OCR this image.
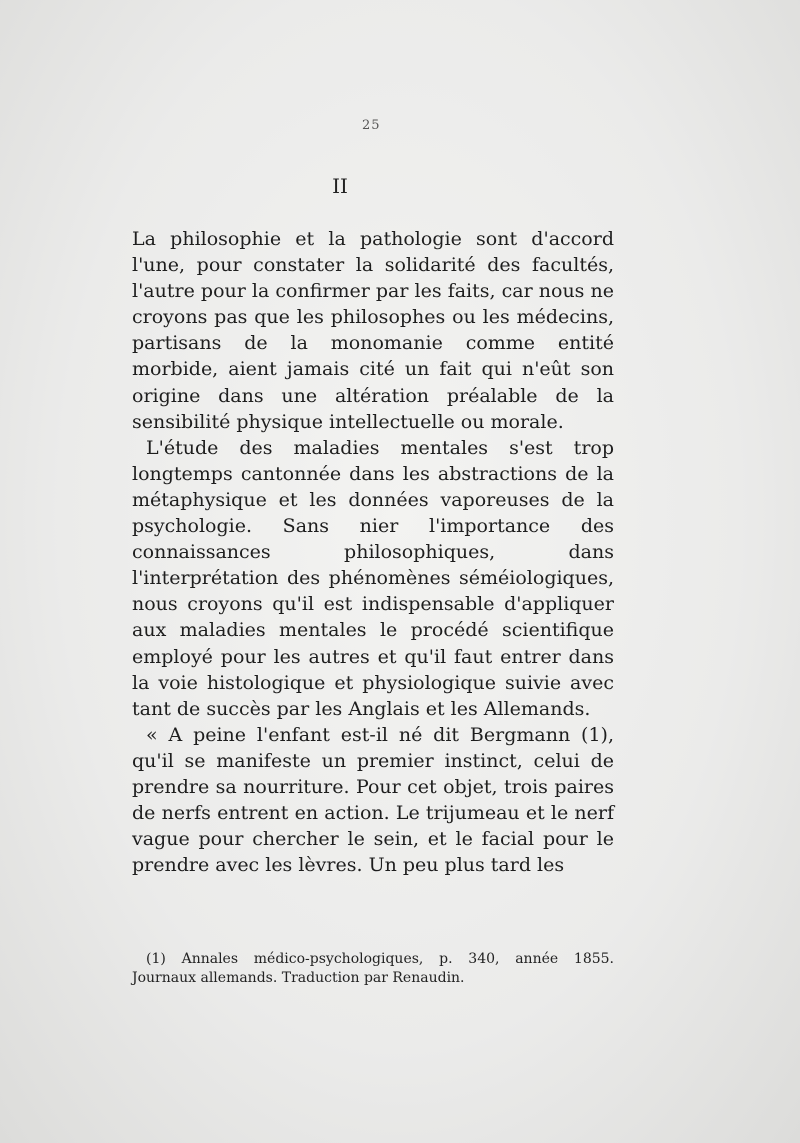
25
II

La philosophie et la pathologie sont d'accord l'une, pour constater la solidarité des facultés, l'autre pour la confirmer par les faits, car nous ne croyons pas que les philosophes ou les médecins, partisans de la monomanie comme entité morbide, aient jamais cité un fait qui n'eût son origine dans une altération préalable de la sensibilité physique intellectuelle ou morale.

L'étude des maladies mentales s'est trop longtemps cantonnée dans les abstractions de la métaphysique et les données vaporeuses de la psychologie. Sans nier l'importance des connaissances philosophiques, dans l'interprétation des phénomènes séméiologiques, nous croyons qu'il est indispensable d'appliquer aux maladies mentales le procédé scientifique employé pour les autres et qu'il faut entrer dans la voie histologique et physiologique suivie avec tant de succès par les Anglais et les Allemands.

« A peine l'enfant est-il né dit Bergmann (1), qu'il se manifeste un premier instinct, celui de prendre sa nourriture. Pour cet objet, trois paires de nerfs entrent en action. Le trijumeau et le nerf vague pour chercher le sein, et le facial pour le prendre avec les lèvres. Un peu plus tard les

(1) Annales médico-psychologiques, p. 340, année 1855. Journaux allemands. Traduction par Renaudin.
